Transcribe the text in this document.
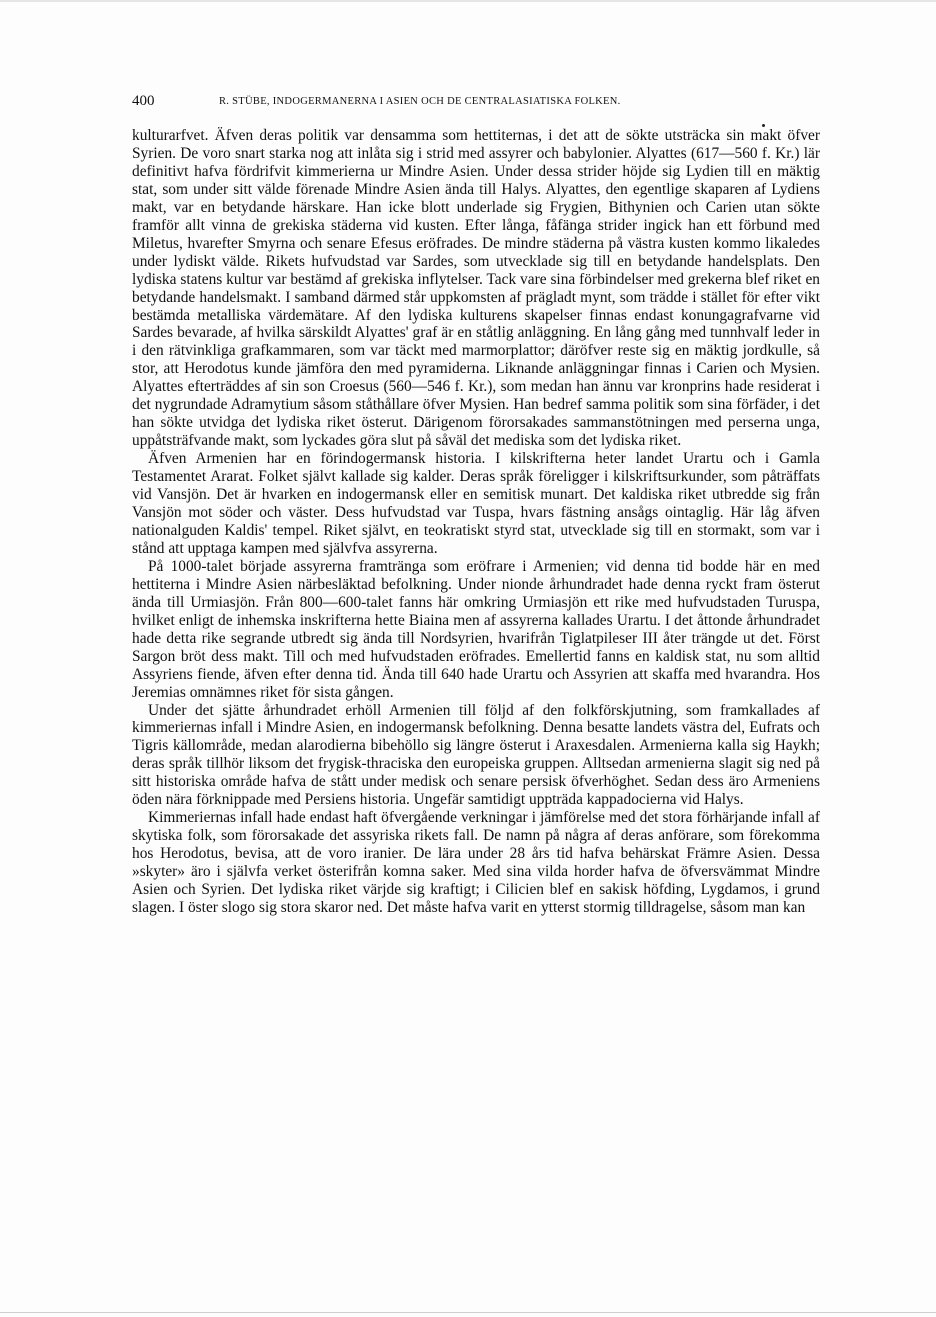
400	R. STÜBE, INDOGERMANERNA I ASIEN OCH DE CENTRALASIATISKA FOLKEN.

kulturarfvet. Äfven deras politik var densamma som hettiternas, i det att de sökte utsträcka sin makt öfver Syrien. De voro snart starka nog att inlåta sig i strid med assyrer och babylonier. Alyattes (617—560 f. Kr.) lär definitivt hafva fördrifvit kimmerierna ur Mindre Asien. Under dessa strider höjde sig Lydien till en mäktig stat, som under sitt välde förenade Mindre Asien ända till Halys. Alyattes, den egentlige skaparen af Lydiens makt, var en betydande härskare. Han icke blott underlade sig Frygien, Bithynien och Carien utan sökte framför allt vinna de grekiska städerna vid kusten. Efter långa, fåfänga strider ingick han ett förbund med Miletus, hvarefter Smyrna och senare Efesus eröfrades. De mindre städerna på västra kusten kommo likaledes under lydiskt välde. Rikets hufvudstad var Sardes, som utvecklade sig till en betydande handelsplats. Den lydiska statens kultur var bestämd af grekiska inflytelser. Tack vare sina förbindelser med grekerna blef riket en betydande handelsmakt. I samband därmed står uppkomsten af prägladt mynt, som trädde i stället för efter vikt bestämda metalliska värdemätare. Af den lydiska kulturens skapelser finnas endast konungagrafvarne vid Sardes bevarade, af hvilka särskildt Alyattes' graf är en ståtlig anläggning. En lång gång med tunnhvalf leder in i den rätvinkliga grafkammaren, som var täckt med marmorplattor; däröfver reste sig en mäktig jordkulle, så stor, att Herodotus kunde jämföra den med pyramiderna. Liknande anläggningar finnas i Carien och Mysien. Alyattes efterträddes af sin son Croesus (560—546 f. Kr.), som medan han ännu var kronprins hade residerat i det nygrundade Adramytium såsom ståthållare öfver Mysien. Han bedref samma politik som sina förfäder, i det han sökte utvidga det lydiska riket österut. Därigenom förorsakades sammanstötningen med perserna unga, uppåtsträfvande makt, som lyckades göra slut på såväl det mediska som det lydiska riket.

Äfven Armenien har en förindogermansk historia. I kilskrifterna heter landet Urartu och i Gamla Testamentet Ararat. Folket självt kallade sig kalder. Deras språk föreligger i kilskriftsurkunder, som påträffats vid Vansjön. Det är hvarken en indogermansk eller en semitisk munart. Det kaldiska riket utbredde sig från Vansjön mot söder och väster. Dess hufvudstad var Tuspa, hvars fästning ansågs ointaglig. Här låg äfven nationalguden Kaldis' tempel. Riket självt, en teokratiskt styrd stat, utvecklade sig till en stormakt, som var i stånd att upptaga kampen med självfva assyrerna.

På 1000-talet började assyrerna framtränga som eröfrare i Armenien; vid denna tid bodde här en med hettiterna i Mindre Asien närbesläktad befolkning. Under nionde århundradet hade denna ryckt fram österut ända till Urmiasjön. Från 800—600-talet fanns här omkring Urmiasjön ett rike med hufvudstaden Turuspa, hvilket enligt de inhemska inskrifterna hette Biaina men af assyrerna kallades Urartu. I det åttonde århundradet hade detta rike segrande utbredt sig ända till Nordsyrien, hvarifrån Tiglatpileser III åter trängde ut det. Först Sargon bröt dess makt. Till och med hufvudstaden eröfrades. Emellertid fanns en kaldisk stat, nu som alltid Assyriens fiende, äfven efter denna tid. Ända till 640 hade Urartu och Assyrien att skaffa med hvarandra. Hos Jeremias omnämnes riket för sista gången.

Under det sjätte århundradet erhöll Armenien till följd af den folkförskjutning, som framkallades af kimmeriernas infall i Mindre Asien, en indogermansk befolkning. Denna besatte landets västra del, Eufrats och Tigris källområde, medan alarodierna bibehöllo sig längre österut i Araxesdalen. Armenierna kalla sig Haykh; deras språk tillhör liksom det frygisk-thraciska den europeiska gruppen. Alltsedan armenierna slagit sig ned på sitt historiska område hafva de stått under medisk och senare persisk öfverhöghet. Sedan dess äro Armeniens öden nära förknippade med Persiens historia. Ungefär samtidigt uppträda kappadocierna vid Halys.

Kimmeriernas infall hade endast haft öfvergående verkningar i jämförelse med det stora förhärjande infall af skytiska folk, som förorsakade det assyriska rikets fall. De namn på några af deras anförare, som förekomma hos Herodotus, bevisa, att de voro iranier. De lära under 28 års tid hafva behärskat Främre Asien. Dessa »skyter» äro i självfa verket österifrån komna saker. Med sina vilda horder hafva de öfversvämmat Mindre Asien och Syrien. Det lydiska riket värjde sig kraftigt; i Cilicien blef en sakisk höfding, Lygdamos, i grund slagen. I öster slogo sig stora skaror ned. Det måste hafva varit en ytterst stormig tilldragelse, såsom man kan
